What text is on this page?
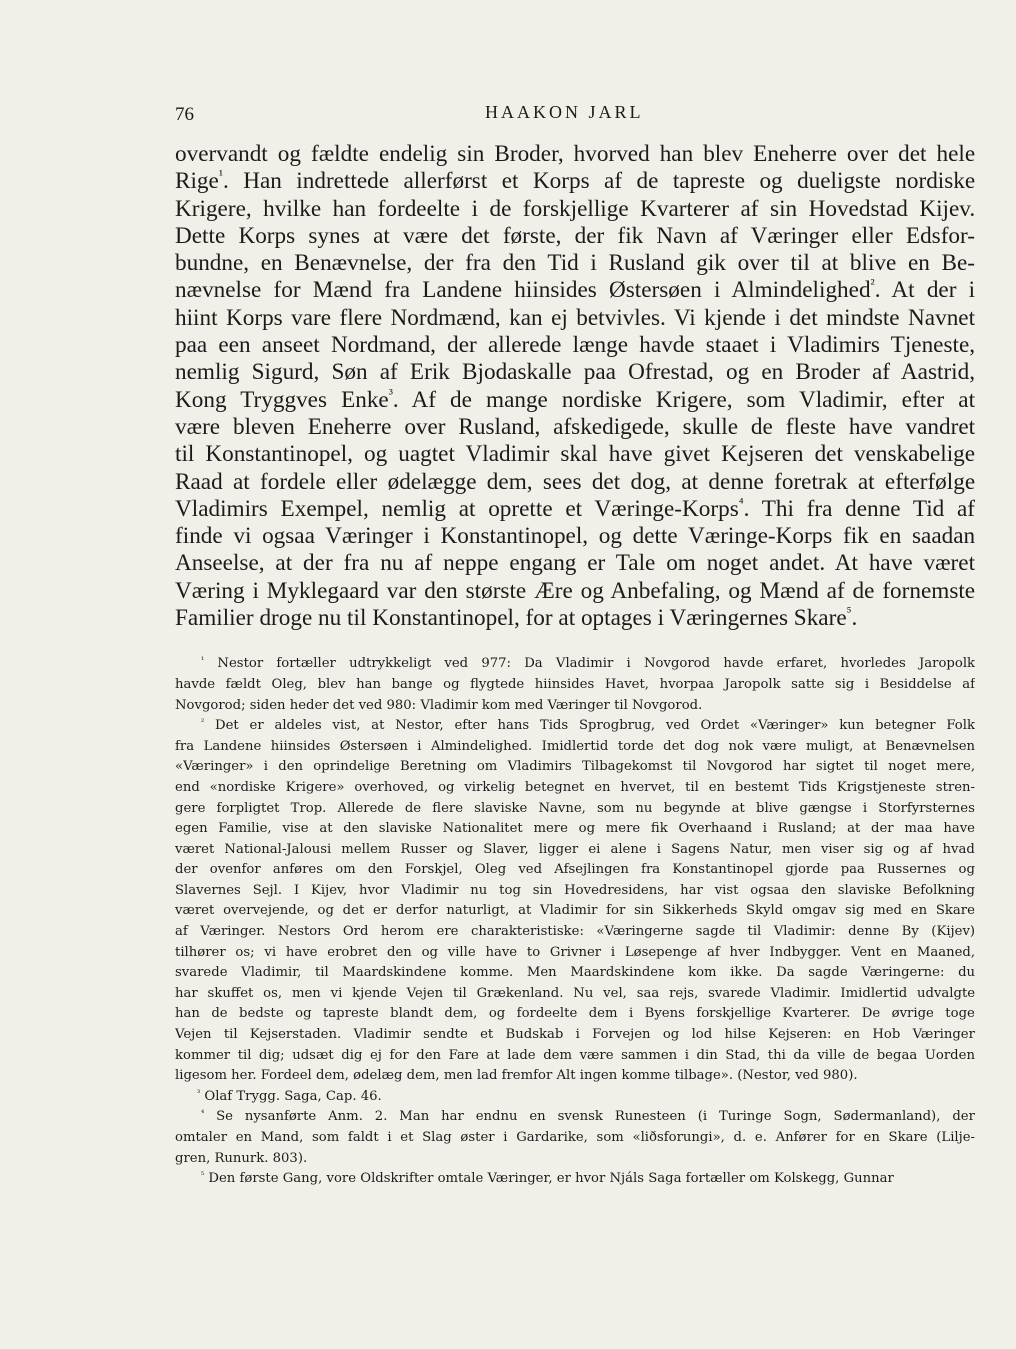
76	HAAKON JARL
overvandt og fældte endelig sin Broder, hvorved han blev Eneherre over det hele
Rige$^{^1}$. Han indrettede allerførst et Korps af de tapreste og dueligste nordiske
Krigere, hvilke han fordeelte i de forskjellige Kvarterer af sin Hovedstad Kijev.
Dette Korps synes at være det første, der fik Navn af Væringer eller Edsfor-
bundne, en Benævnelse, der fra den Tid i Rusland gik over til at blive en Be-
nævnelse for Mænd fra Landene hiinsides Østersøen i Almindelighed$^{^2}$. At der i
hiint Korps vare flere Nordmænd, kan ej betvivles. Vi kjende i det mindste Navnet
paa een anseet Nordmand, der allerede længe havde staaet i Vladimirs Tjeneste,
nemlig Sigurd, Søn af Erik Bjodaskalle paa Ofrestad, og en Broder af Aastrid,
Kong Tryggves Enke$^{^3}$. Af de mange nordiske Krigere, som Vladimir, efter at
være bleven Eneherre over Rusland, afskedigede, skulle de fleste have vandret
til Konstantinopel, og uagtet Vladimir skal have givet Kejseren det venskabelige
Raad at fordele eller ødelægge dem, sees det dog, at denne foretrak at efterfølge
Vladimirs Exempel, nemlig at oprette et Væringe-Korps$^{^4}$. Thi fra denne Tid af
finde vi ogsaa Væringer i Konstantinopel, og dette Væringe-Korps fik en saadan
Anseelse, at der fra nu af neppe engang er Tale om noget andet. At have været
Væring i Myklegaard var den største Ære og Anbefaling, og Mænd af de fornemste
Familier droge nu til Konstantinopel, for at optages i Væringernes Skare$^{^5}$.
$^{^1}$ Nestor fortæller udtrykkeligt ved 977: Da Vladimir i Novgorod havde erfaret, hvorledes Jaropolk
havde fældt Oleg, blev han bange og fygtede hiinsides Havet, hvorpaa Jaropolk satte sig i Besiddelse af
Novgorod; siden heder det ved 980: Vladimir kom med Væringer til Novgorod.
$^{^2}$ Det er aldeles vist, at Nestor, efter hans Tids Sprogbrug, ved Ordet «Væringer» kun betegner Folk
fra Landene hiinsides Østersøen i Almindelighed. Imidlertid torde det dog nok være muligt, at Benævnelsen
«Væringer» i den oprindelige Beretning om Vladimirs Tilbagekomst til Novgorod har sigtet til noget mere,
end «nordiske Krigere» overhoved, og virkelig betegnet en hvervet, til en bestemt Tids Krigstjeneste stren-
gere forpligtet Trop. Allerede de fere slaviske Navne, som nu begynde at blive gængse i Storfyrsternes
egen Familie, vise at den slaviske Nationalitet mere og mere fk Overhaand i Rusland; at der maa have
været National-Jalousi mellem Russer og Slaver, ligger ei alene i Sagens Natur, men viser sig og af hvad
der ovenfor anføres om den Forskjel, Oleg ved Afsejlingen fra Konstantinopel gjorde paa Russernes og
Slavernes Sejl. I Kijev, hvor Vladimir nu tog sin Hovedresidens, har vist ogsaa den slaviske Befolkning
været overvejende, og det er derfor naturligt, at Vladimir for sin Sikkerheds Skyld omgav sig med en Skare
af Væringer. Nestors Ord herom ere charakteristiske: «Væringerne sagde til Vladimir: denne By (Kijev)
tilhører os; vi have erobret den og ville have to Grivner i Løsepenge af hver Indbygger. Vent en Maaned,
svarede Vladimir, til Maardskindene komme. Men Maardskindene kom ikke. Da sagde Væringerne: du
har skufet os, men vi kjende Vejen til Grækenland. Nu vel, saa rejs, svarede Vladimir. Imidlertid udvalgte
han de bedste og tapreste blandt dem, og fordeelte dem i Byens forskjellige Kvarterer. De øvrige toge
Vejen til Kejserstaden. Vladimir sendte et Budskab i Forvejen og lod hilse Kejseren: en Hob Væringer
kommer til dig; udsæt dig ej for den Fare at lade dem være sammen i din Stad, thi da ville de begaa Uorden
ligesom her. Fordeel dem, ødelæg dem, men lad fremfor Alt ingen komme tilbage». (Nestor, ved 980).
$^{^3}$ Olaf Trygg. Saga, Cap. 46.
$^{^4}$ Se nysanførte Anm. 2. Man har endnu en svensk Runesteen (i Turinge Sogn, Sødermanland), der
omtaler en Mand, som faldt i et Slag øster i Gardarike, som «liðsforungi», d. e. Anfører for en Skare (Lilje-
gren, Runurk. 803).
$^{^5}$ Den første Gang, vore Oldskrifter omtale Væringer, er hvor Njáls Saga fortæller om Kolskegg, Gunnar
